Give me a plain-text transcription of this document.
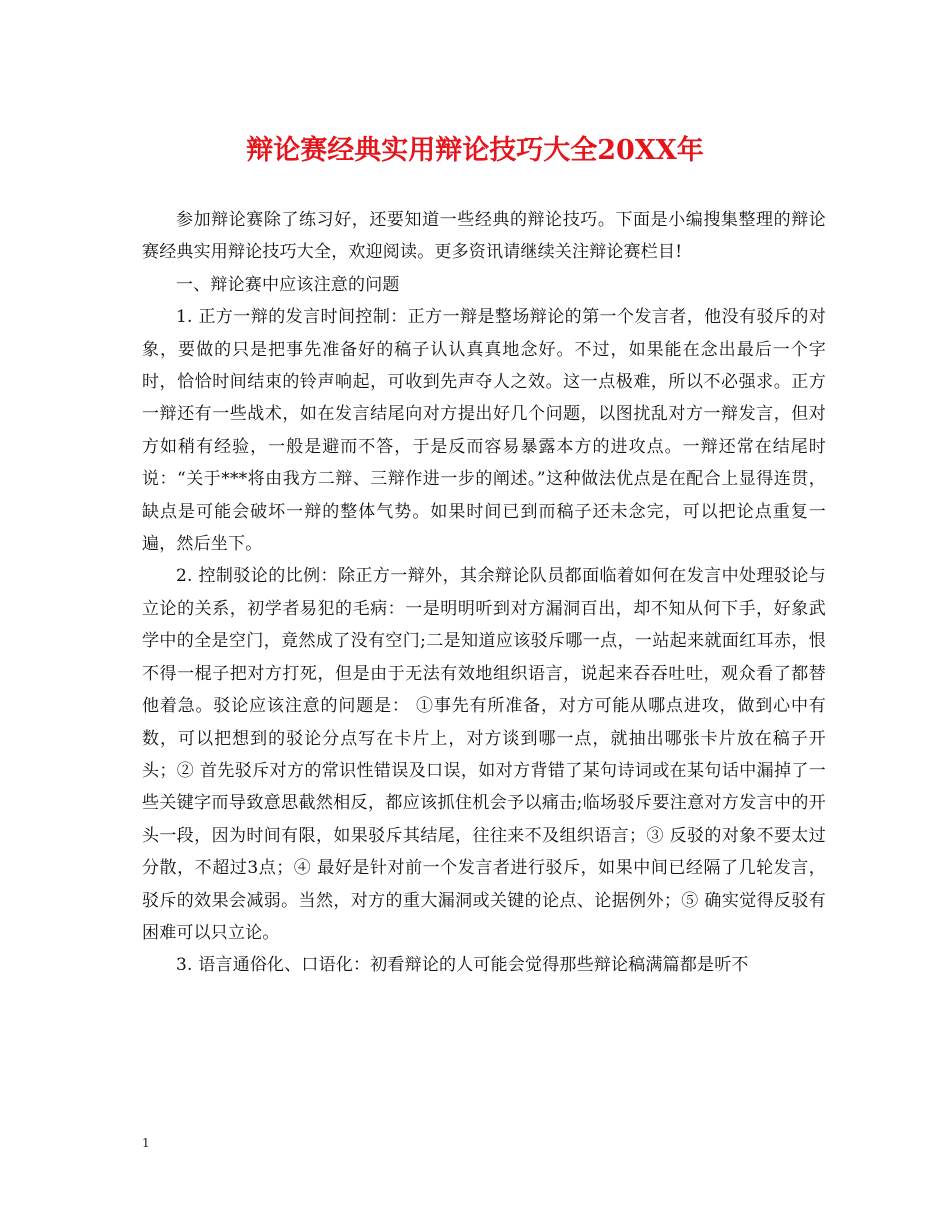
辩论赛经典实用辩论技巧大全20XX年

参加辩论赛除了练习好，还要知道一些经典的辩论技巧。下面是小编搜集整理的辩论赛经典实用辩论技巧大全，欢迎阅读。更多资讯请继续关注辩论赛栏目!

一、辩论赛中应该注意的问题

1. 正方一辩的发言时间控制：正方一辩是整场辩论的第一个发言者，他没有驳斥的对象，要做的只是把事先准备好的稿子认认真真地念好。不过，如果能在念出最后一个字时，恰恰时间结束的铃声响起，可收到先声夺人之效。这一点极难，所以不必强求。正方一辩还有一些战术，如在发言结尾向对方提出好几个问题，以图扰乱对方一辩发言，但对方如稍有经验，一般是避而不答，于是反而容易暴露本方的进攻点。一辩还常在结尾时说：“关于***将由我方二辩、三辩作进一步的阐述。”这种做法优点是在配合上显得连贯，缺点是可能会破坏一辩的整体气势。如果时间已到而稿子还未念完，可以把论点重复一遍，然后坐下。

2. 控制驳论的比例：除正方一辩外，其余辩论队员都面临着如何在发言中处理驳论与立论的关系，初学者易犯的毛病：一是明明听到对方漏洞百出，却不知从何下手，好象武学中的全是空门，竟然成了没有空门;二是知道应该驳斥哪一点，一站起来就面红耳赤，恨不得一棍子把对方打死，但是由于无法有效地组织语言，说起来吞吞吐吐，观众看了都替他着急。驳论应该注意的问题是： ①事先有所准备，对方可能从哪点进攻，做到心中有数，可以把想到的驳论分点写在卡片上，对方谈到哪一点，就抽出哪张卡片放在稿子开头；② 首先驳斥对方的常识性错误及口误，如对方背错了某句诗词或在某句话中漏掉了一些关键字而导致意思截然相反，都应该抓住机会予以痛击;临场驳斥要注意对方发言中的开头一段，因为时间有限，如果驳斥其结尾，往往来不及组织语言；③ 反驳的对象不要太过分散，不超过3点；④ 最好是针对前一个发言者进行驳斥，如果中间已经隔了几轮发言，驳斥的效果会减弱。当然，对方的重大漏洞或关键的论点、论据例外；⑤ 确实觉得反驳有困难可以只立论。

3. 语言通俗化、口语化：初看辩论的人可能会觉得那些辩论稿满篇都是听不

1
